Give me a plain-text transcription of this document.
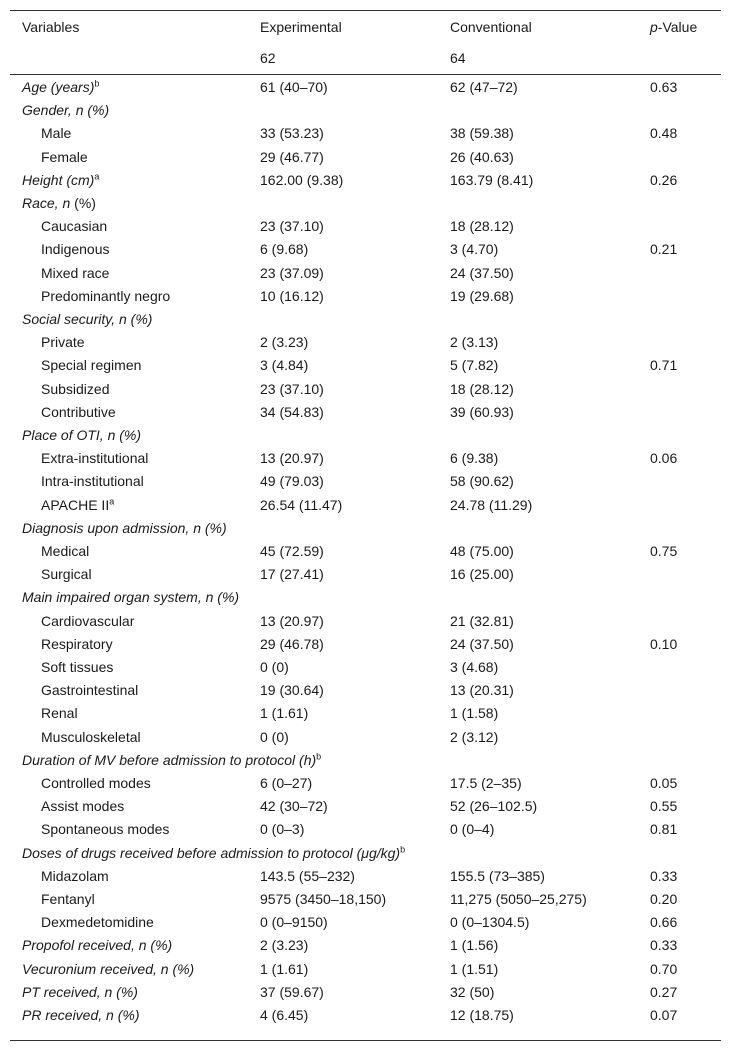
Variables	Experimental	Conventional	p-Value
62	64
Age (years)$^b$	61 (40–70)	62 (47–72)	0.63
Gender, n (%)
Male	33 (53.23)	38 (59.38)	0.48
Female	29 (46.77)	26 (40.63)
Height (cm)$^a$	162.00 (9.38)	163.79 (8.41)	0.26
Race, n (%)
Caucasian	23 (37.10)	18 (28.12)
Indigenous	6 (9.68)	3 (4.70)	0.21
Mixed race	23 (37.09)	24 (37.50)
Predominantly negro	10 (16.12)	19 (29.68)
Social security, n (%)
Private	2 (3.23)	2 (3.13)
Special regimen	3 (4.84)	5 (7.82)	0.71
Subsidized	23 (37.10)	18 (28.12)
Contributive	34 (54.83)	39 (60.93)
Place of OTI, n (%)
Extra-institutional	13 (20.97)	6 (9.38)	0.06
Intra-institutional	49 (79.03)	58 (90.62)
APACHE $II^a$	26.54 (11.47)	24.78 (11.29)
Diagnosis upon admission, n (%)
Medical	45 (72.59)	48 (75.00)	0.75
Surgical	17 (27.41)	16 (25.00)
Main impaired organ system, n (%)
Cardiovascular	13 (20.97)	21 (32.81)
Respiratory	29 (46.78)	24 (37.50)	0.10
Soft tissues	0 (0)	3 (4.68)
Gastrointestinal	19 (30.64)	13 (20.31)
Renal	1 (1.61)	1 (1.58)
Musculoskeletal	0 (0)	2 (3.12)
Duration of MV before admission to protocol $(h)^b$
Controlled modes	6 (0–27)	17.5 (2–35)	0.05
Assist modes	42 (30–72)	52 (26–102.5)	0.55
Spontaneous modes	0 (0–3)	0 (0–4)	0.81
Doses of drugs received before admission to protocol $(\mu g/kg)^b$
Midazolam	143.5 (55–232)	155.5 (73–385)	0.33
Fentanyl	9575 (3450–18,150)	11,275 (5050–25,275)	0.20
Dexmedetomidine	0 (0–9150)	0 (0–1304.5)	0.66
Propofol received, n (%)	2 (3.23)	1 (1.56)	0.33
Vecuronium received, n (%)	1 (1.61)	1 (1.51)	0.70
PT received, n (%)	37 (59.67)	32 (50)	0.27
PR received, n (%)	4 (6.45)	12 (18.75)	0.07
